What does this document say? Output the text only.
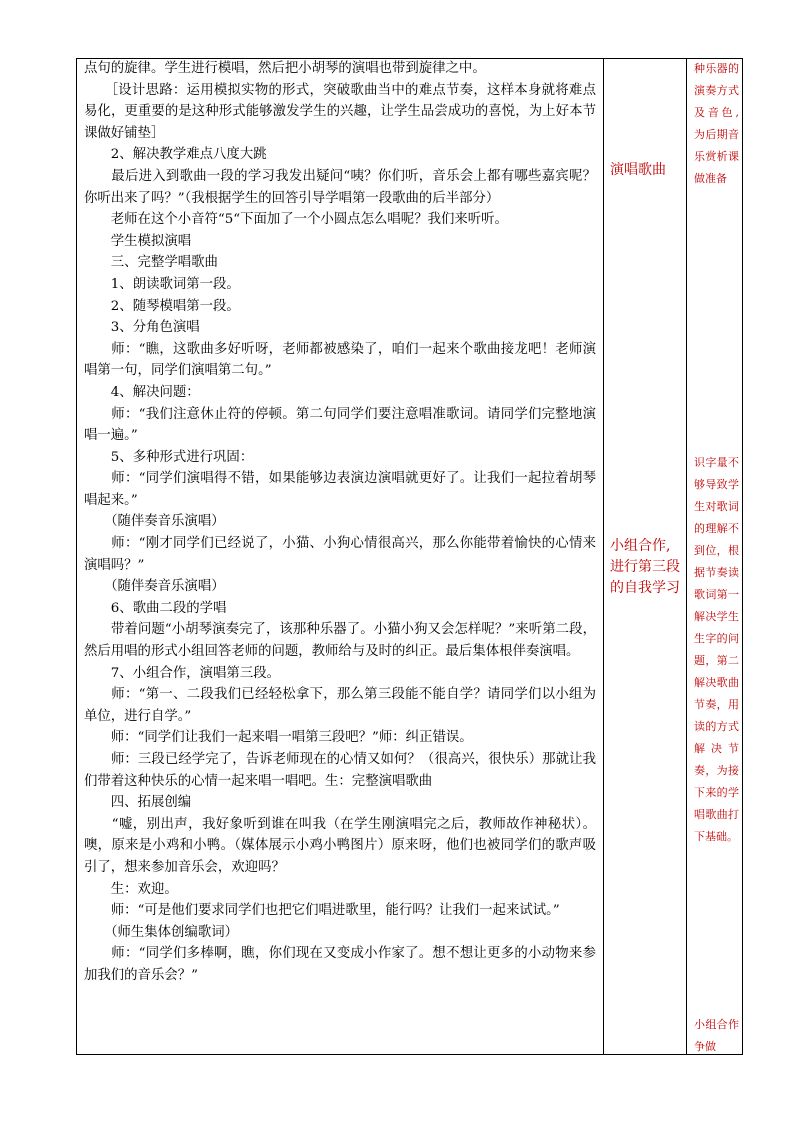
点句的旋律。学生进行模唱，然后把小胡琴的演唱也带到旋律之中。

　　［设计思路：运用模拟实物的形式，突破歌曲当中的难点节奏，这样本身就将难点易化，更重要的是这种形式能够激发学生的兴趣，让学生品尝成功的喜悦，为上好本节课做好铺垫］

　　2、解决教学难点八度大跳

　　最后进入到歌曲一段的学习我发出疑问“咦？你们听，音乐会上都有哪些嘉宾呢？你听出来了吗？”（我根据学生的回答引导学唱第一段歌曲的后半部分）

　　老师在这个小音符“5“下面加了一个小圆点怎么唱呢？我们来听听。

　　学生模拟演唱

　　三、完整学唱歌曲

　　1、朗读歌词第一段。

　　2、随琴模唱第一段。

　　3、分角色演唱

　　师：“瞧，这歌曲多好听呀，老师都被感染了，咱们一起来个歌曲接龙吧！老师演唱第一句，同学们演唱第二句。”

　　4、解决问题：

　　师：“我们注意休止符的停顿。第二句同学们要注意唱准歌词。请同学们完整地演唱一遍。”

　　5、多种形式进行巩固：

　　师：“同学们演唱得不错，如果能够边表演边演唱就更好了。让我们一起拉着胡琴唱起来。”

　　（随伴奏音乐演唱）

　　师：“刚才同学们已经说了，小猫、小狗心情很高兴，那么你能带着愉快的心情来演唱吗？”

　　（随伴奏音乐演唱）

　　6、歌曲二段的学唱

　　带着问题“小胡琴演奏完了，该那种乐器了。小猫小狗又会怎样呢？”来听第二段，然后用唱的形式小组回答老师的问题，教师给与及时的纠正。最后集体根伴奏演唱。

　　7、小组合作，演唱第三段。

　　师：“第一、二段我们已经轻松拿下，那么第三段能不能自学？请同学们以小组为单位，进行自学。”

　　师：“同学们让我们一起来唱一唱第三段吧？”师：纠正错误。

　　师：三段已经学完了，告诉老师现在的心情又如何？（很高兴，很快乐）那就让我们带着这种快乐的心情一起来唱一唱吧。生：完整演唱歌曲

　　四、拓展创编

　　“嘘，别出声，我好象听到谁在叫我（在学生刚演唱完之后，教师故作神秘状）。噢，原来是小鸡和小鸭。（媒体展示小鸡小鸭图片）原来呀，他们也被同学们的歌声吸引了，想来参加音乐会，欢迎吗？

　　生：欢迎。

　　师：“可是他们要求同学们也把它们唱进歌里，能行吗？让我们一起来试试。”

　　（师生集体创编歌词）

　　师：“同学们多棒啊，瞧，你们现在又变成小作家了。想不想让更多的小动物来参加我们的音乐会？”

演唱歌曲
小组合作,进行第三段的自我学习
种乐器的演奏方式及音色,为后期音乐赏析课做准备
识字量不够导致学生对歌词的理解不到位，根据节奏读歌词第一解决学生生字的问题，第二解决歌曲节奏，用读的方式解决节奏，为接下来的学唱歌曲打下基础。
小组合作争做
